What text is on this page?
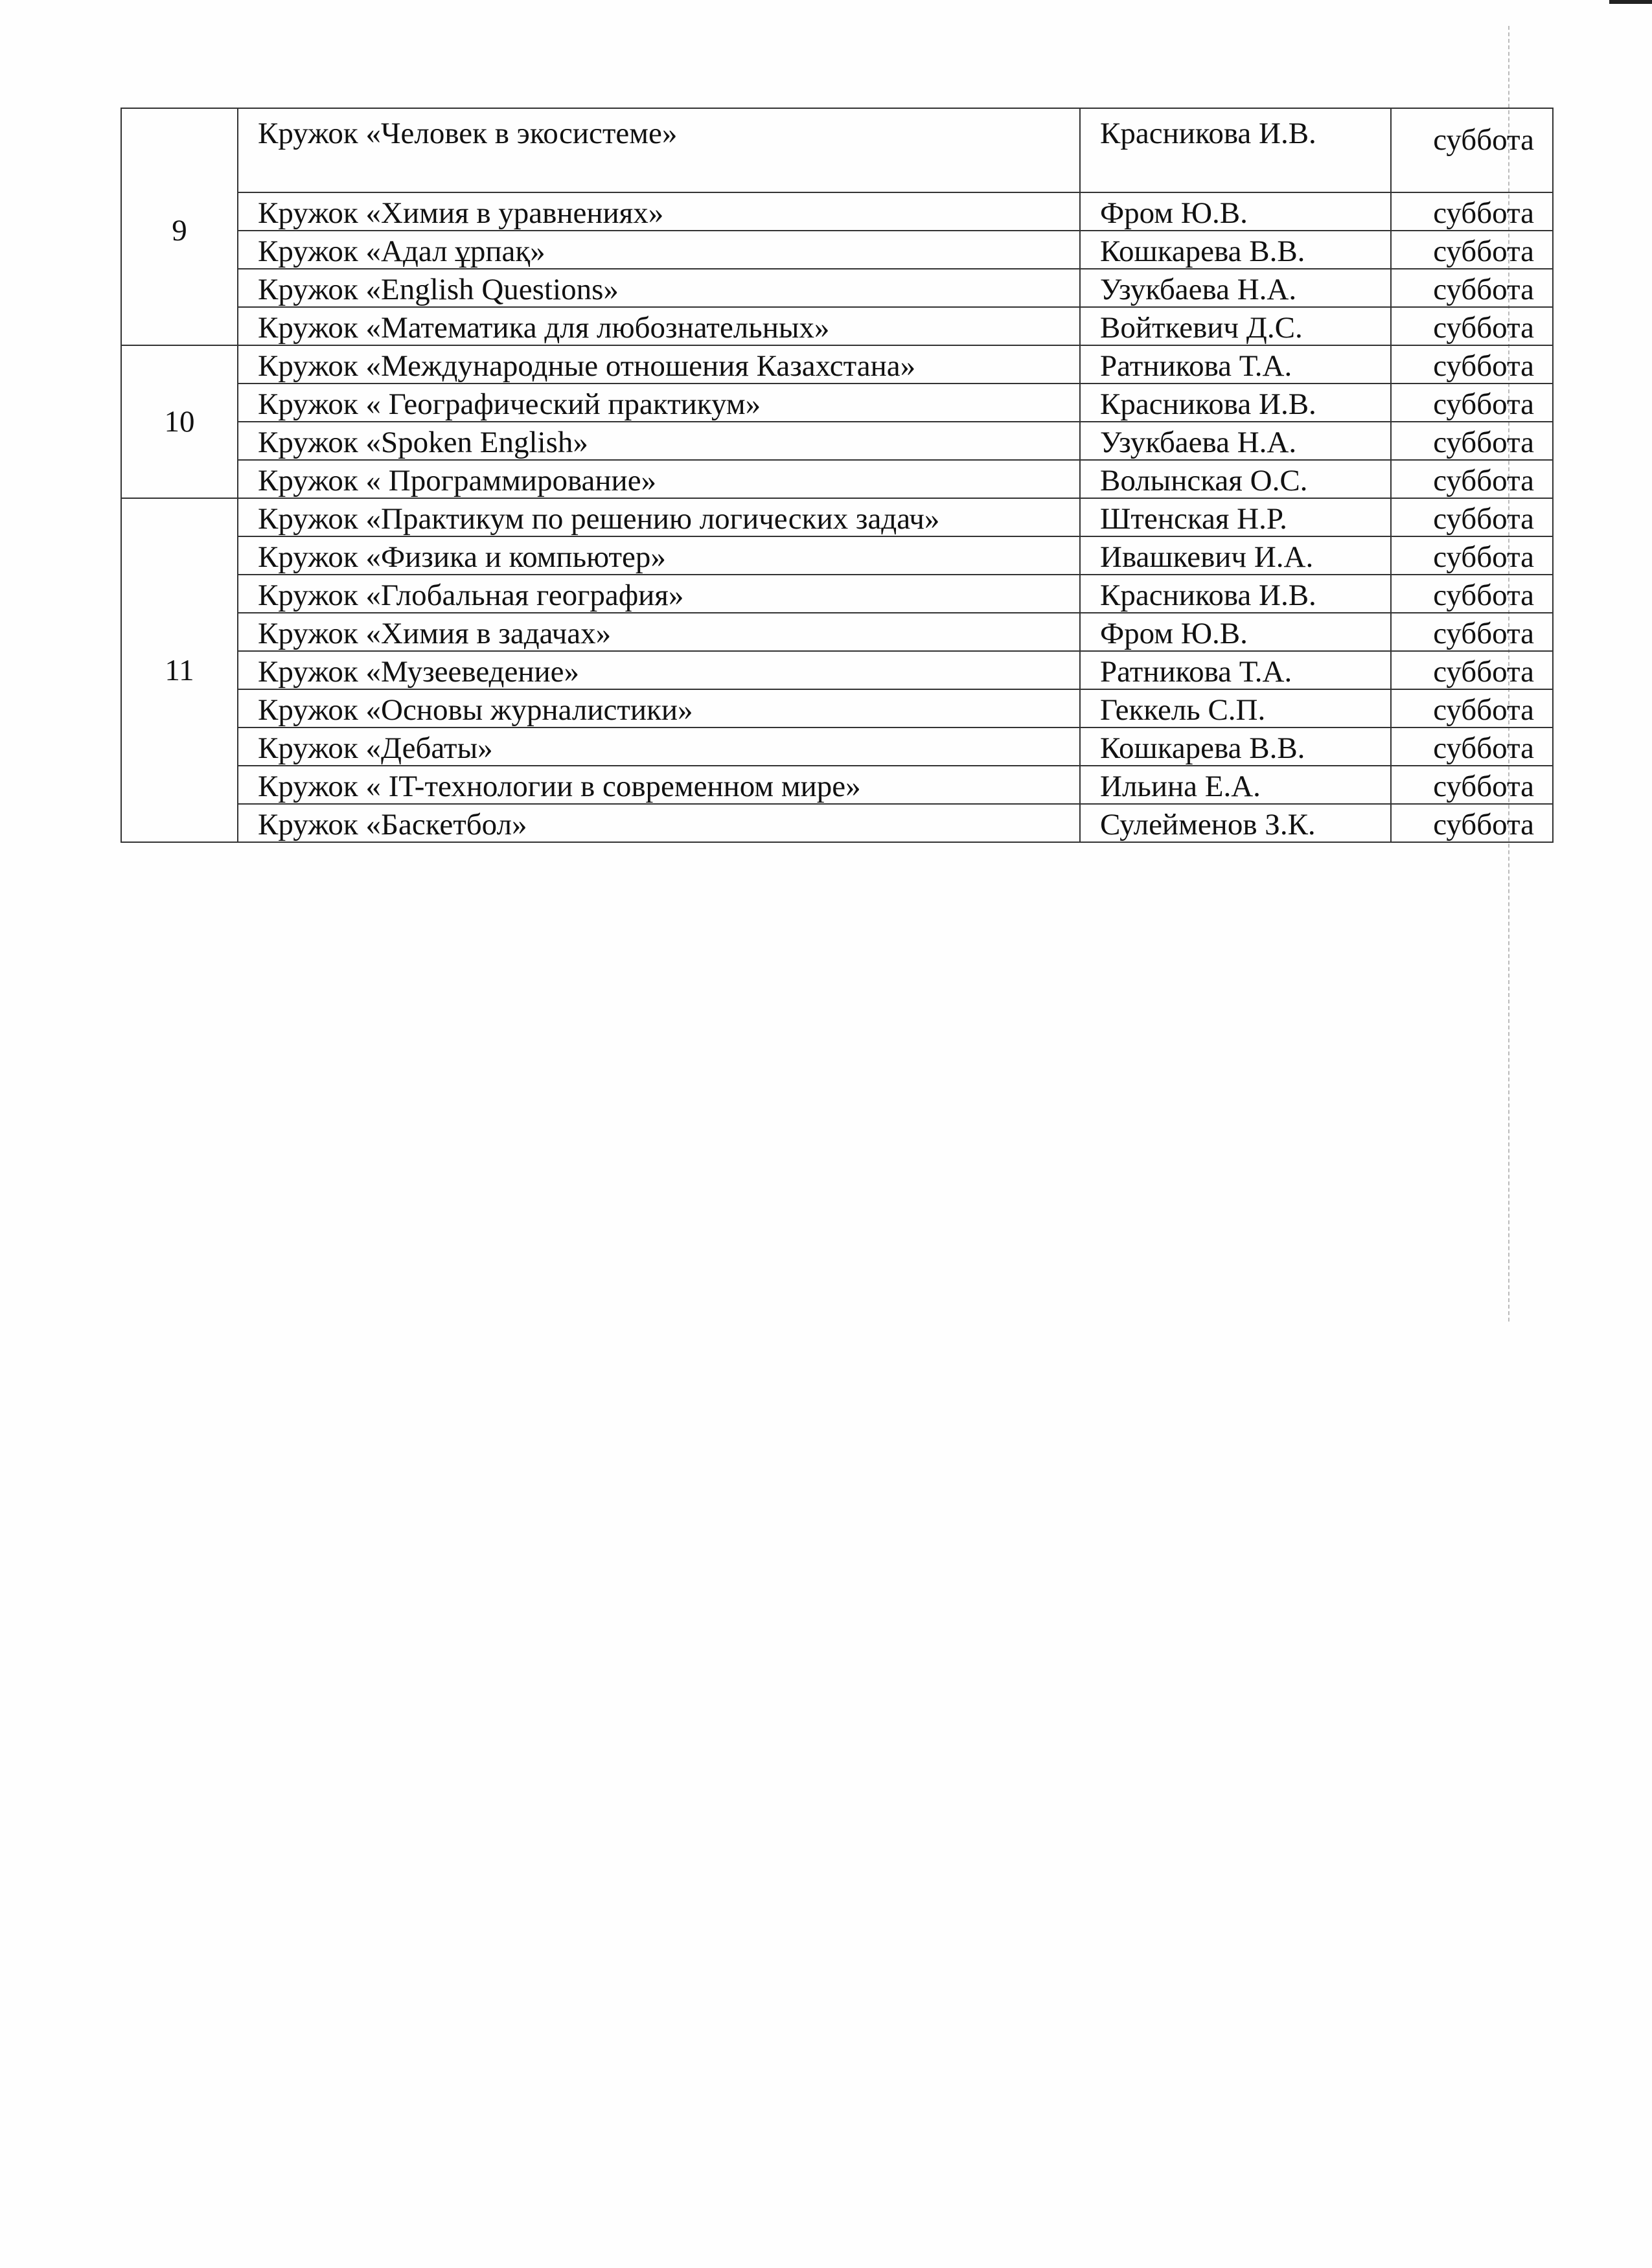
9	Кружок «Человек в экосистеме»	Красникова И.В.	суббота
	Кружок «Химия в уравнениях»	Фром Ю.В.	суббота
	Кружок «Адал ұрпақ»	Кошкарева В.В.	суббота
	Кружок «English Questions»	Узукбаева Н.А.	суббота
	Кружок «Математика для любознательных»	Войткевич Д.С.	суббота
10	Кружок «Международные отношения Казахстана»	Ратникова Т.А.	суббота
	Кружок « Географический практикум»	Красникова И.В.	суббота
	Кружок «Spoken English»	Узукбаева Н.А.	суббота
	Кружок « Программирование»	Волынская О.С.	суббота
11	Кружок «Практикум по решению логических задач»	Штенская Н.Р.	суббота
	Кружок «Физика и компьютер»	Ивашкевич И.А.	суббота
	Кружок «Глобальная география»	Красникова И.В.	суббота
	Кружок «Химия в задачах»	Фром Ю.В.	суббота
	Кружок «Музееведение»	Ратникова Т.А.	суббота
	Кружок «Основы журналистики»	Геккель С.П.	суббота
	Кружок «Дебаты»	Кошкарева В.В.	суббота
	Кружок « IT-технологии в современном мире»	Ильина Е.А.	суббота
	Кружок «Баскетбол»	Сулейменов З.К.	суббота
